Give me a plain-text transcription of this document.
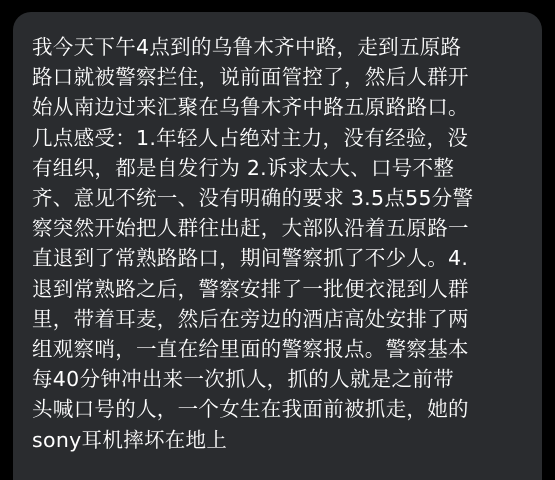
我今天下午4点到的乌鲁木齐中路，走到五原路
路口就被警察拦住，说前面管控了，然后人群开
始从南边过来汇聚在乌鲁木齐中路五原路路口。
几点感受：1.年轻人占绝对主力，没有经验，没
有组织，都是自发行为 2.诉求太大、口号不整
齐、意见不统一、没有明确的要求 3.5点55分警
察突然开始把人群往出赶，大部队沿着五原路一
直退到了常熟路路口，期间警察抓了不少人。4.
退到常熟路之后，警察安排了一批便衣混到人群
里，带着耳麦，然后在旁边的酒店高处安排了两
组观察哨，一直在给里面的警察报点。警察基本
每40分钟冲出来一次抓人，抓的人就是之前带
头喊口号的人，一个女生在我面前被抓走，她的
sony耳机摔坏在地上
